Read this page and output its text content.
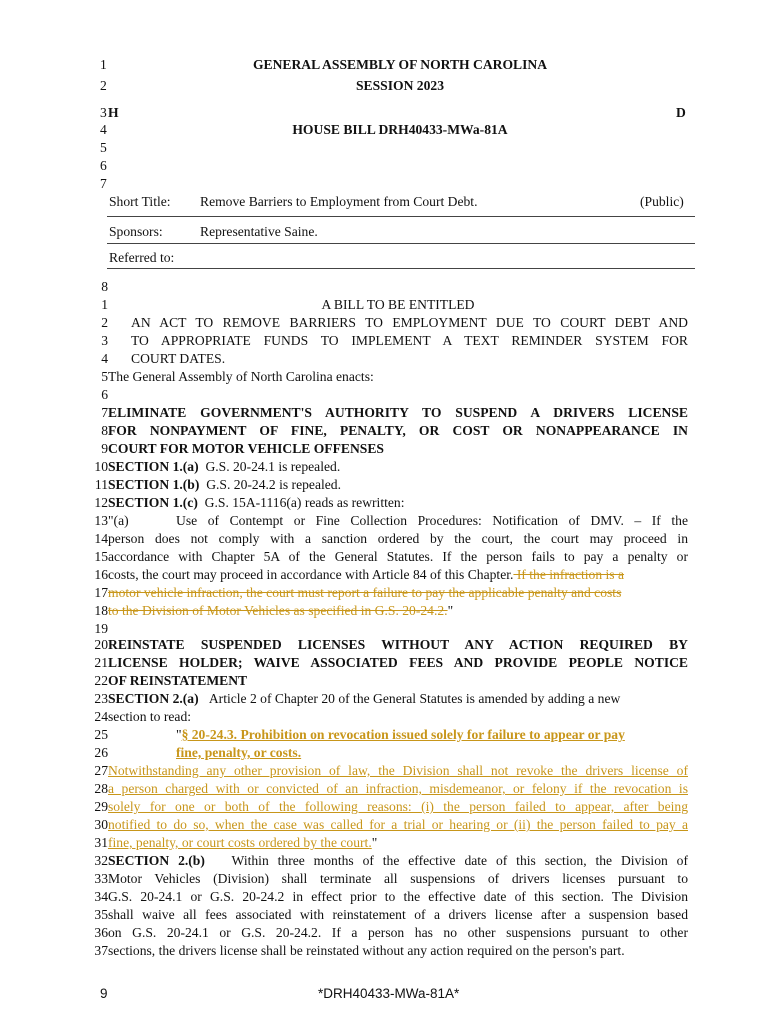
1	GENERAL ASSEMBLY OF NORTH CAROLINA
2	SESSION 2023
3 H	D
4	HOUSE BILL DRH40433-MWa-81A
5
6
7
Short Title: Remove Barriers to Employment from Court Debt.	(Public)
Sponsors:	Representative Saine.
Referred to:
8
1	A BILL TO BE ENTITLED
2 AN ACT TO REMOVE BARRIERS TO EMPLOYMENT DUE TO COURT DEBT AND
3 TO APPROPRIATE FUNDS TO IMPLEMENT A TEXT REMINDER SYSTEM FOR
4 COURT DATES.
5 The General Assembly of North Carolina enacts:
6
7 ELIMINATE GOVERNMENT'S AUTHORITY TO SUSPEND A DRIVERS LICENSE
8 FOR NONPAYMENT OF FINE, PENALTY, OR COST OR NONAPPEARANCE IN
9 COURT FOR MOTOR VEHICLE OFFENSES
10 SECTION 1.(a) G.S. 20-24.1 is repealed.
11 SECTION 1.(b) G.S. 20-24.2 is repealed.
12 SECTION 1.(c) G.S. 15A-1116(a) reads as rewritten:
13 "(a)	Use of Contempt or Fine Collection Procedures: Notification of DMV. – If the
14 person does not comply with a sanction ordered by the court, the court may proceed in
15 accordance with Chapter 5A of the General Statutes. If the person fails to pay a penalty or
16 costs, the court may proceed in accordance with Article 84 of this Chapter. If the infraction is a
17 motor vehicle infraction, the court must report a failure to pay the applicable penalty and costs
18 to the Division of Motor Vehicles as specified in G.S. 20-24.2."
19
20 REINSTATE SUSPENDED LICENSES WITHOUT ANY ACTION REQUIRED BY
21 LICENSE HOLDER; WAIVE ASSOCIATED FEES AND PROVIDE PEOPLE NOTICE
22 OF REINSTATEMENT
23 SECTION 2.(a) Article 2 of Chapter 20 of the General Statutes is amended by adding a new
24 section to read:
25	"§ 20-24.3. Prohibition on revocation issued solely for failure to appear or pay
26	fine, penalty, or costs.
27 Notwithstanding any other provision of law, the Division shall not revoke the drivers license of
28 a person charged with or convicted of an infraction, misdemeanor, or felony if the revocation is
29 solely for one or both of the following reasons: (i) the person failed to appear, after being
30 notified to do so, when the case was called for a trial or hearing or (ii) the person failed to pay a
31 fine, penalty, or court costs ordered by the court."
32 SECTION 2.(b) Within three months of the effective date of this section, the Division of
33 Motor Vehicles (Division) shall terminate all suspensions of drivers licenses pursuant to
34 G.S. 20-24.1 or G.S. 20-24.2 in effect prior to the effective date of this section. The Division
35 shall waive all fees associated with reinstatement of a drivers license after a suspension based
36 on G.S. 20-24.1 or G.S. 20-24.2. If a person has no other suspensions pursuant to other
37 sections, the drivers license shall be reinstated without any action required on the person's part.
9	*DRH40433-MWa-81A*
